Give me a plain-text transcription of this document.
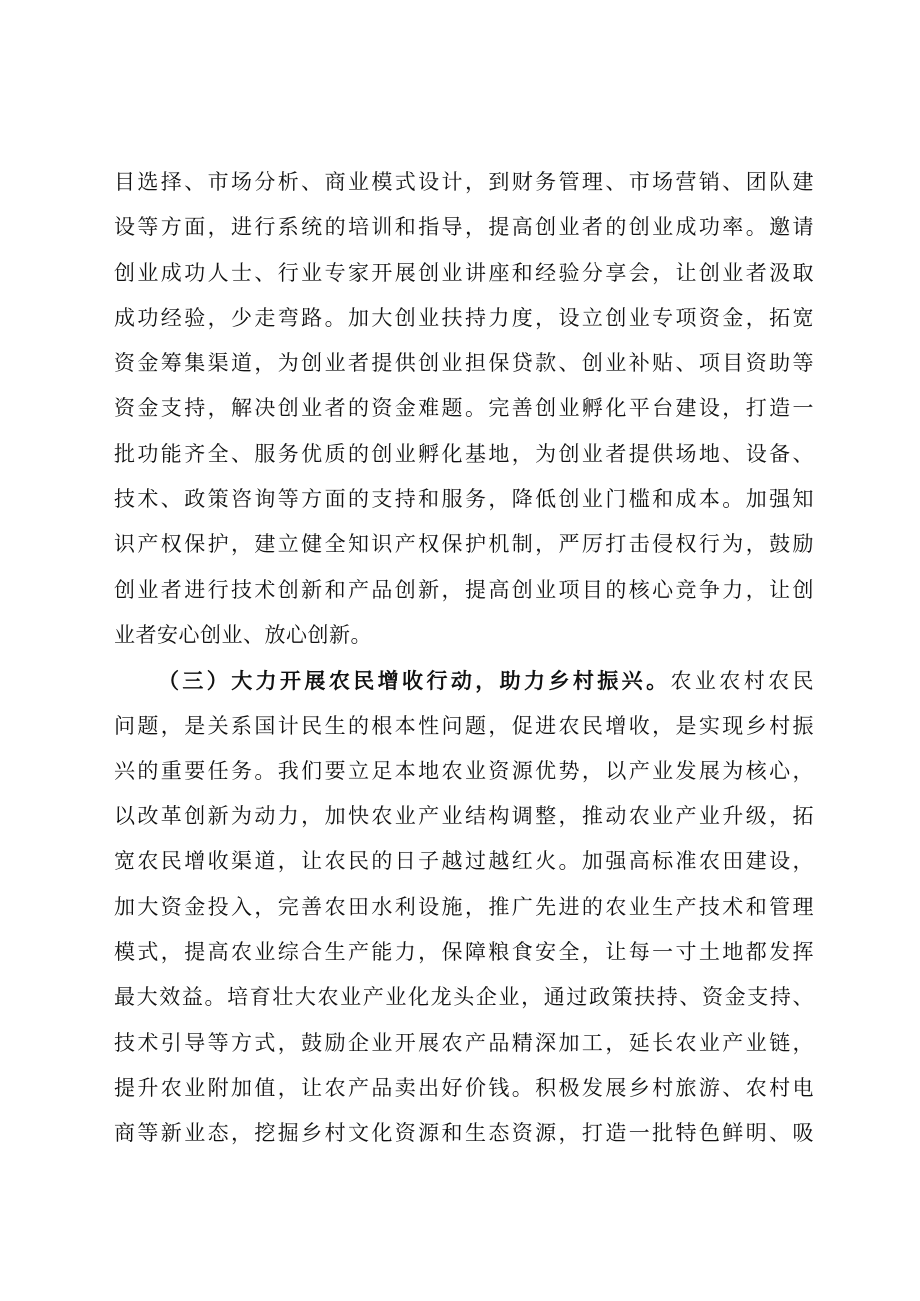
目选择、市场分析、商业模式设计，到财务管理、市场营销、团队建
设等方面，进行系统的培训和指导，提高创业者的创业成功率。邀请
创业成功人士、行业专家开展创业讲座和经验分享会，让创业者汲取
成功经验，少走弯路。加大创业扶持力度，设立创业专项资金，拓宽
资金筹集渠道，为创业者提供创业担保贷款、创业补贴、项目资助等
资金支持，解决创业者的资金难题。完善创业孵化平台建设，打造一
批功能齐全、服务优质的创业孵化基地，为创业者提供场地、设备、
技术、政策咨询等方面的支持和服务，降低创业门槛和成本。加强知
识产权保护，建立健全知识产权保护机制，严厉打击侵权行为，鼓励
创业者进行技术创新和产品创新，提高创业项目的核心竞争力，让创
业者安心创业、放心创新。
（三）大力开展农民增收行动，助力乡村振兴。农业农村农民
问题，是关系国计民生的根本性问题，促进农民增收，是实现乡村振
兴的重要任务。我们要立足本地农业资源优势，以产业发展为核心，
以改革创新为动力，加快农业产业结构调整，推动农业产业升级，拓
宽农民增收渠道，让农民的日子越过越红火。加强高标准农田建设，
加大资金投入，完善农田水利设施，推广先进的农业生产技术和管理
模式，提高农业综合生产能力，保障粮食安全，让每一寸土地都发挥
最大效益。培育壮大农业产业化龙头企业，通过政策扶持、资金支持、
技术引导等方式，鼓励企业开展农产品精深加工，延长农业产业链，
提升农业附加值，让农产品卖出好价钱。积极发展乡村旅游、农村电
商等新业态，挖掘乡村文化资源和生态资源，打造一批特色鲜明、吸
